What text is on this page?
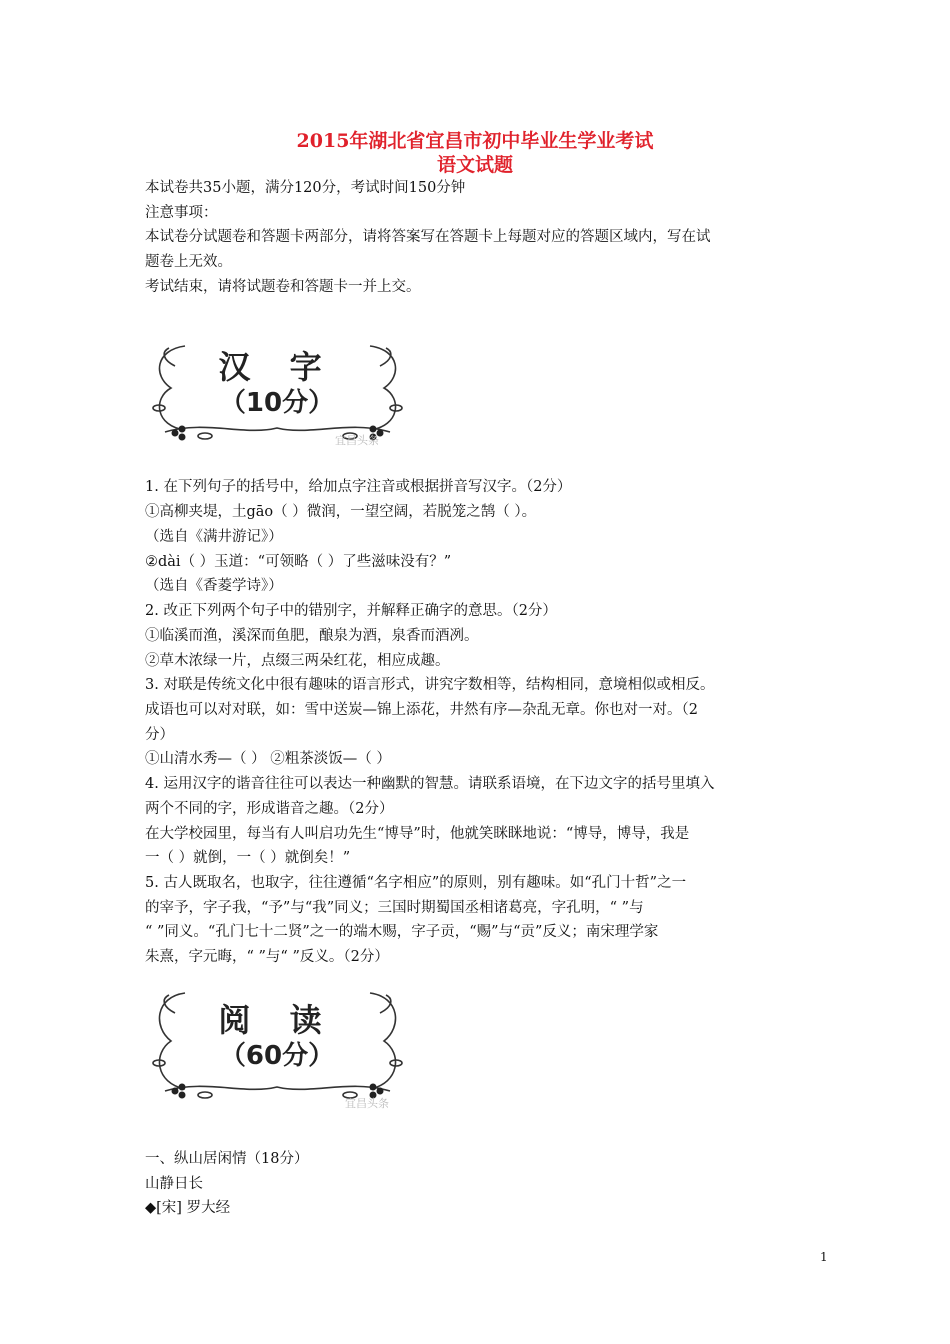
2015年湖北省宜昌市初中毕业生学业考试
语文试题
本试卷共35小题，满分120分，考试时间150分钟
注意事项：
本试卷分试题卷和答题卡两部分，请将答案写在答题卡上每题对应的答题区域内，写在试
题卷上无效。
考试结束，请将试题卷和答题卡一并上交。
汉 字
（10分）
宜昌头条
1. 在下列句子的括号中，给加点字注音或根据拼音写汉字。（2分）
①高柳夹堤，土gāo（ ）微润，一望空阔，若脱笼之鹄（ ）。
（选自《满井游记》）
②dài（ ）玉道：“可领略（ ）了些滋味没有？”
（选自《香菱学诗》）
2. 改正下列两个句子中的错别字，并解释正确字的意思。（2分）
①临溪而渔，溪深而鱼肥，酿泉为酒，泉香而酒冽。
②草木浓绿一片，点缀三两朵红花，相应成趣。
3. 对联是传统文化中很有趣味的语言形式，讲究字数相等，结构相同，意境相似或相反。
成语也可以对对联，如：雪中送炭—锦上添花，井然有序—杂乱无章。你也对一对。（2
分）
①山清水秀—（ ） ②粗茶淡饭—（ ）
4. 运用汉字的谐音往往可以表达一种幽默的智慧。请联系语境，在下边文字的括号里填入
两个不同的字，形成谐音之趣。（2分）
在大学校园里，每当有人叫启功先生“博导”时，他就笑眯眯地说：“博导，博导，我是
一（ ）就倒，一（ ）就倒矣！”
5. 古人既取名，也取字，往往遵循“名字相应”的原则，别有趣味。如“孔门十哲”之一
的宰予，字子我，“予”与“我”同义；三国时期蜀国丞相诸葛亮，字孔明，“ ”与
“ ”同义。“孔门七十二贤”之一的端木赐，字子贡，“赐”与“贡”反义；南宋理学家
朱熹，字元晦，“ ”与“ ”反义。（2分）
阅 读
（60分）
宜昌头条
一、纵山居闲情（18分）
山静日长
◆[宋] 罗大经
1
